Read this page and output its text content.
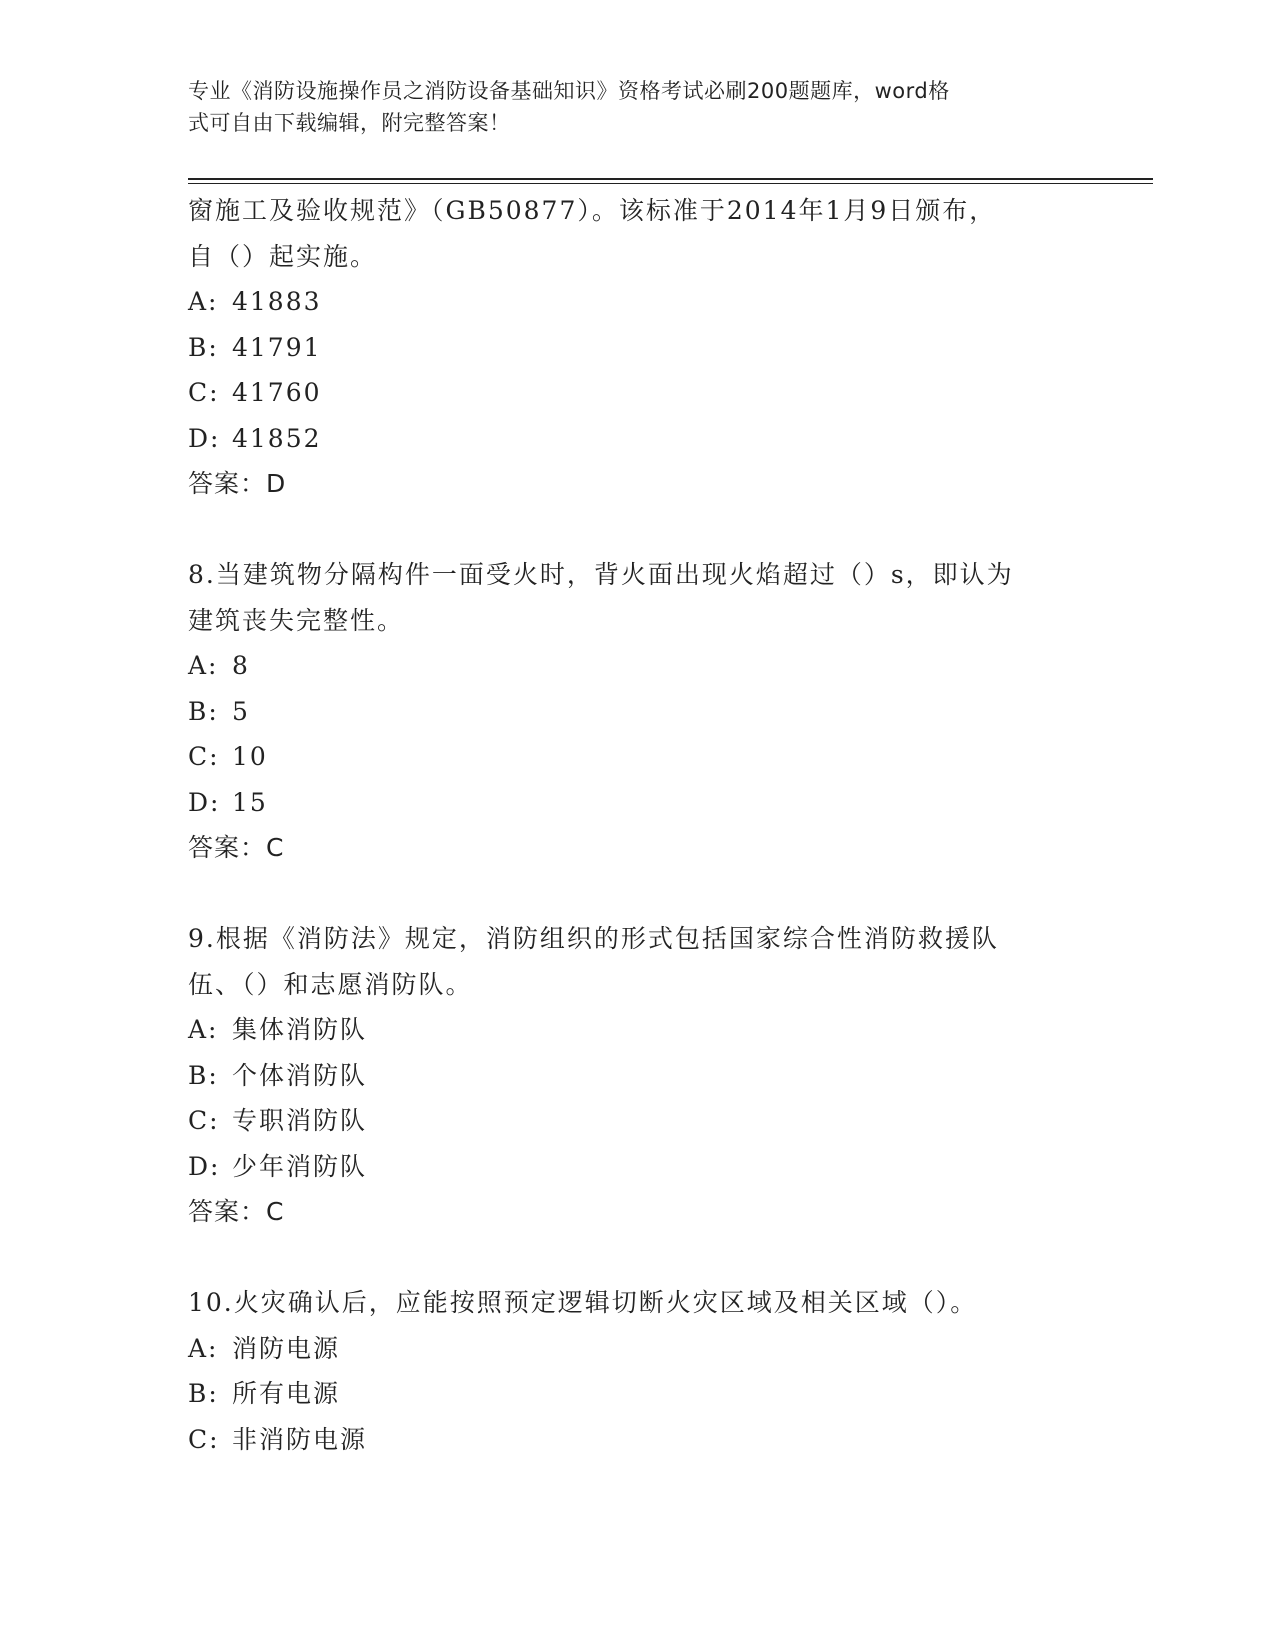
专业《消防设施操作员之消防设备基础知识》资格考试必刷200题题库，word格
式可自由下载编辑，附完整答案！
窗施工及验收规范》（GB50877）。该标准于2014年1月9日颁布，
自（）起实施。
A: 41883
B: 41791
C: 41760
D: 41852
答案：D
8.当建筑物分隔构件一面受火时，背火面出现火焰超过（）s，即认为
建筑丧失完整性。
A: 8
B: 5
C: 10
D: 15
答案：C
9.根据《消防法》规定，消防组织的形式包括国家综合性消防救援队
伍、（）和志愿消防队。
A: 集体消防队
B: 个体消防队
C: 专职消防队
D: 少年消防队
答案：C
10.火灾确认后，应能按照预定逻辑切断火灾区域及相关区域（）。
A: 消防电源
B: 所有电源
C: 非消防电源
